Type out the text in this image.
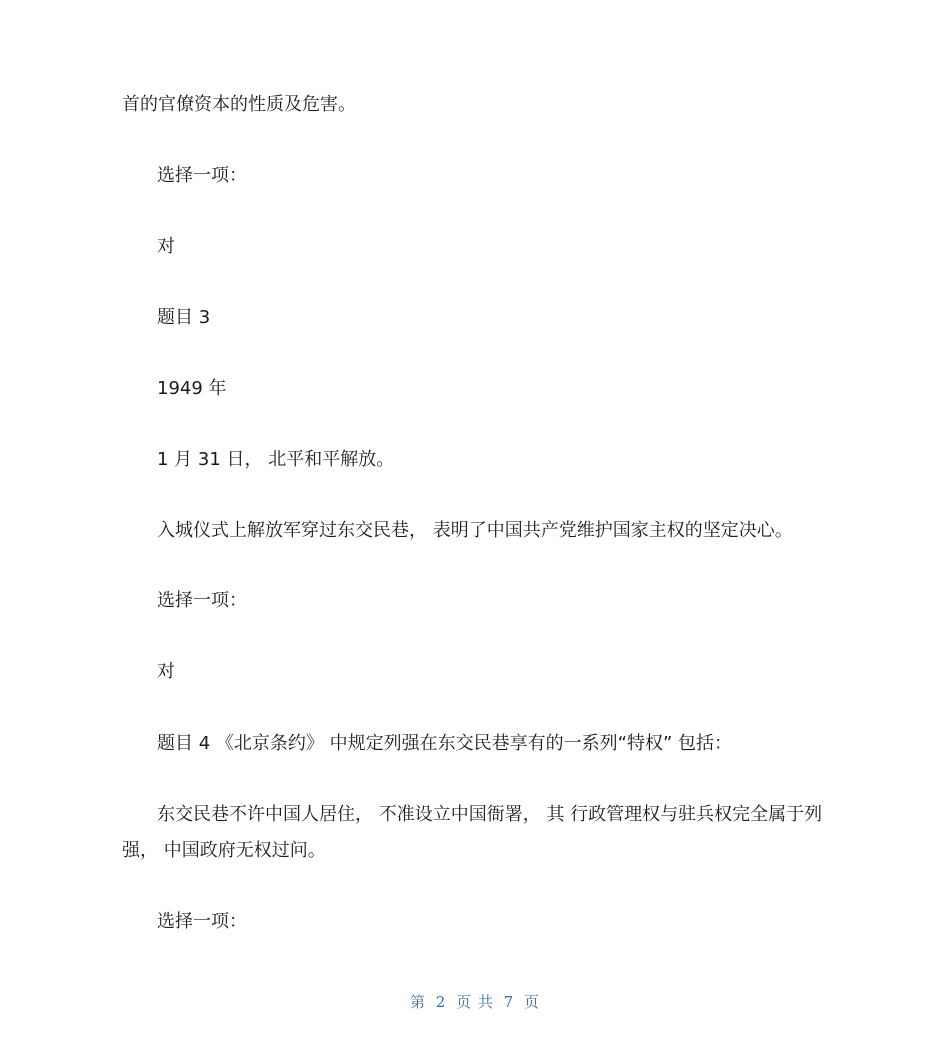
首的官僚资本的性质及危害。

选择一项：

对

题目 3

1949 年

1 月 31 日， 北平和平解放。

入城仪式上解放军穿过东交民巷， 表明了中国共产党维护国家主权的坚定决心。

选择一项：

对

题目 4 《北京条约》 中规定列强在东交民巷享有的一系列“特权” 包括：

东交民巷不许中国人居住， 不准设立中国衙署， 其 行政管理权与驻兵权完全属于列

强， 中国政府无权过问。

选择一项：

第 2 页 共 7 页
